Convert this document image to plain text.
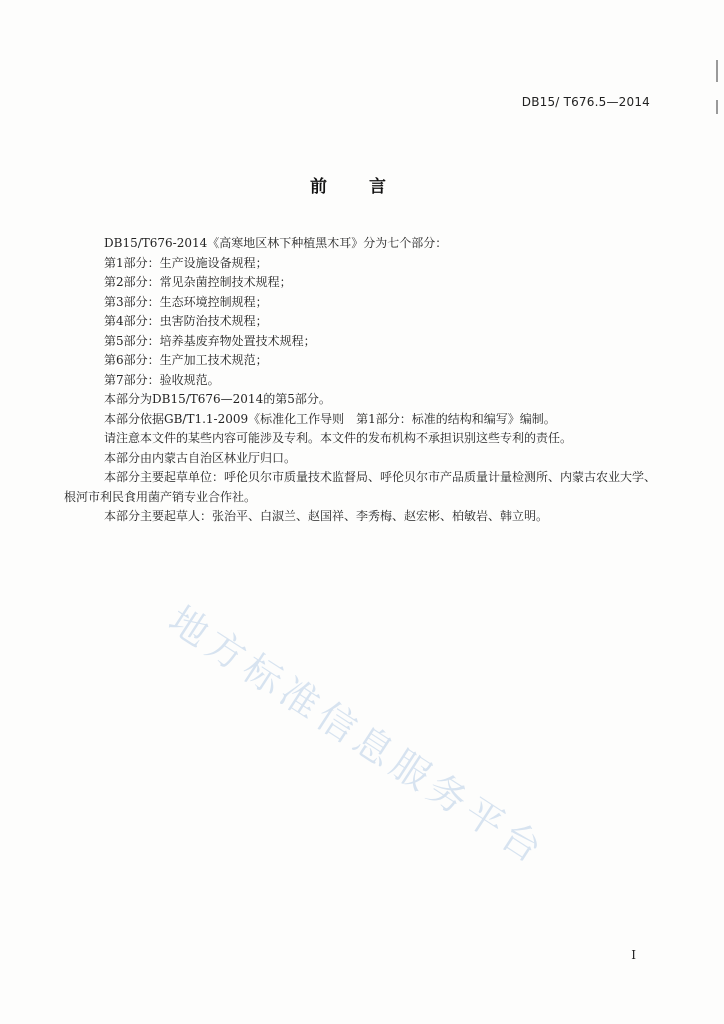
DB15/ T676.5—2014
前言

DB15/T676-2014《高寒地区林下种植黑木耳》分为七个部分：

第1部分：生产设施设备规程；
第2部分：常见杂菌控制技术规程；
第3部分：生态环境控制规程；
第4部分：虫害防治技术规程；
第5部分：培养基废弃物处置技术规程；
第6部分：生产加工技术规范；
第7部分：验收规范。

本部分为DB15/T676—2014的第5部分。

本部分依据GB/T1.1-2009《标准化工作导则　第1部分：标准的结构和编写》编制。

请注意本文件的某些内容可能涉及专利。本文件的发布机构不承担识别这些专利的责任。

本部分由内蒙古自治区林业厅归口。

本部分主要起草单位：呼伦贝尔市质量技术监督局、呼伦贝尔市产品质量计量检测所、内蒙古农业大学、根河市利民食用菌产销专业合作社。

本部分主要起草人：张治平、白淑兰、赵国祥、李秀梅、赵宏彬、柏敏岩、韩立明。

地方标准信息服务平台
I
